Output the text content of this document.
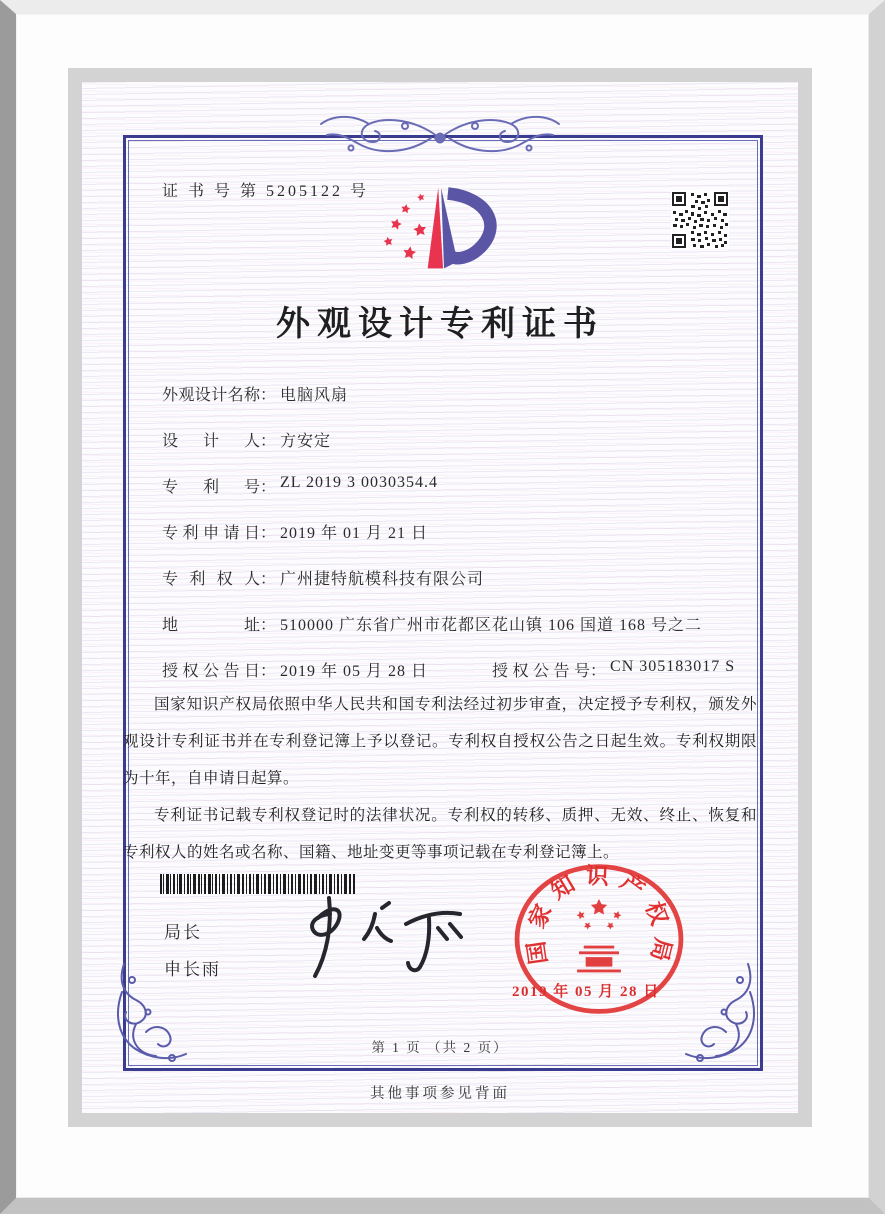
证 书 号 第 5205122 号
外观设计专利证书
外观设计名称： 电脑风扇
设 计 人： 方安定
专 利 号： ZL 2019 3 0030354.4
专利申请日： 2019 年 01 月 21 日
专 利 权 人： 广州捷特航模科技有限公司
地 址： 510000 广东省广州市花都区花山镇 106 国道 168 号之二
授权公告日： 2019 年 05 月 28 日	授权公告号： CN 305183017 S

国家知识产权局依照中华人民共和国专利法经过初步审查，决定授予专利权，颁发外观设计专利证书并在专利登记簿上予以登记。专利权自授权公告之日起生效。专利权期限为十年，自申请日起算。

专利证书记载专利权登记时的法律状况。专利权的转移、质押、无效、终止、恢复和专利权人的姓名或名称、国籍、地址变更等事项记载在专利登记簿上。

局长
申长雨
国家知识产权局
2019 年 05 月 28 日
第 1 页 （共 2 页）
其他事项参见背面
